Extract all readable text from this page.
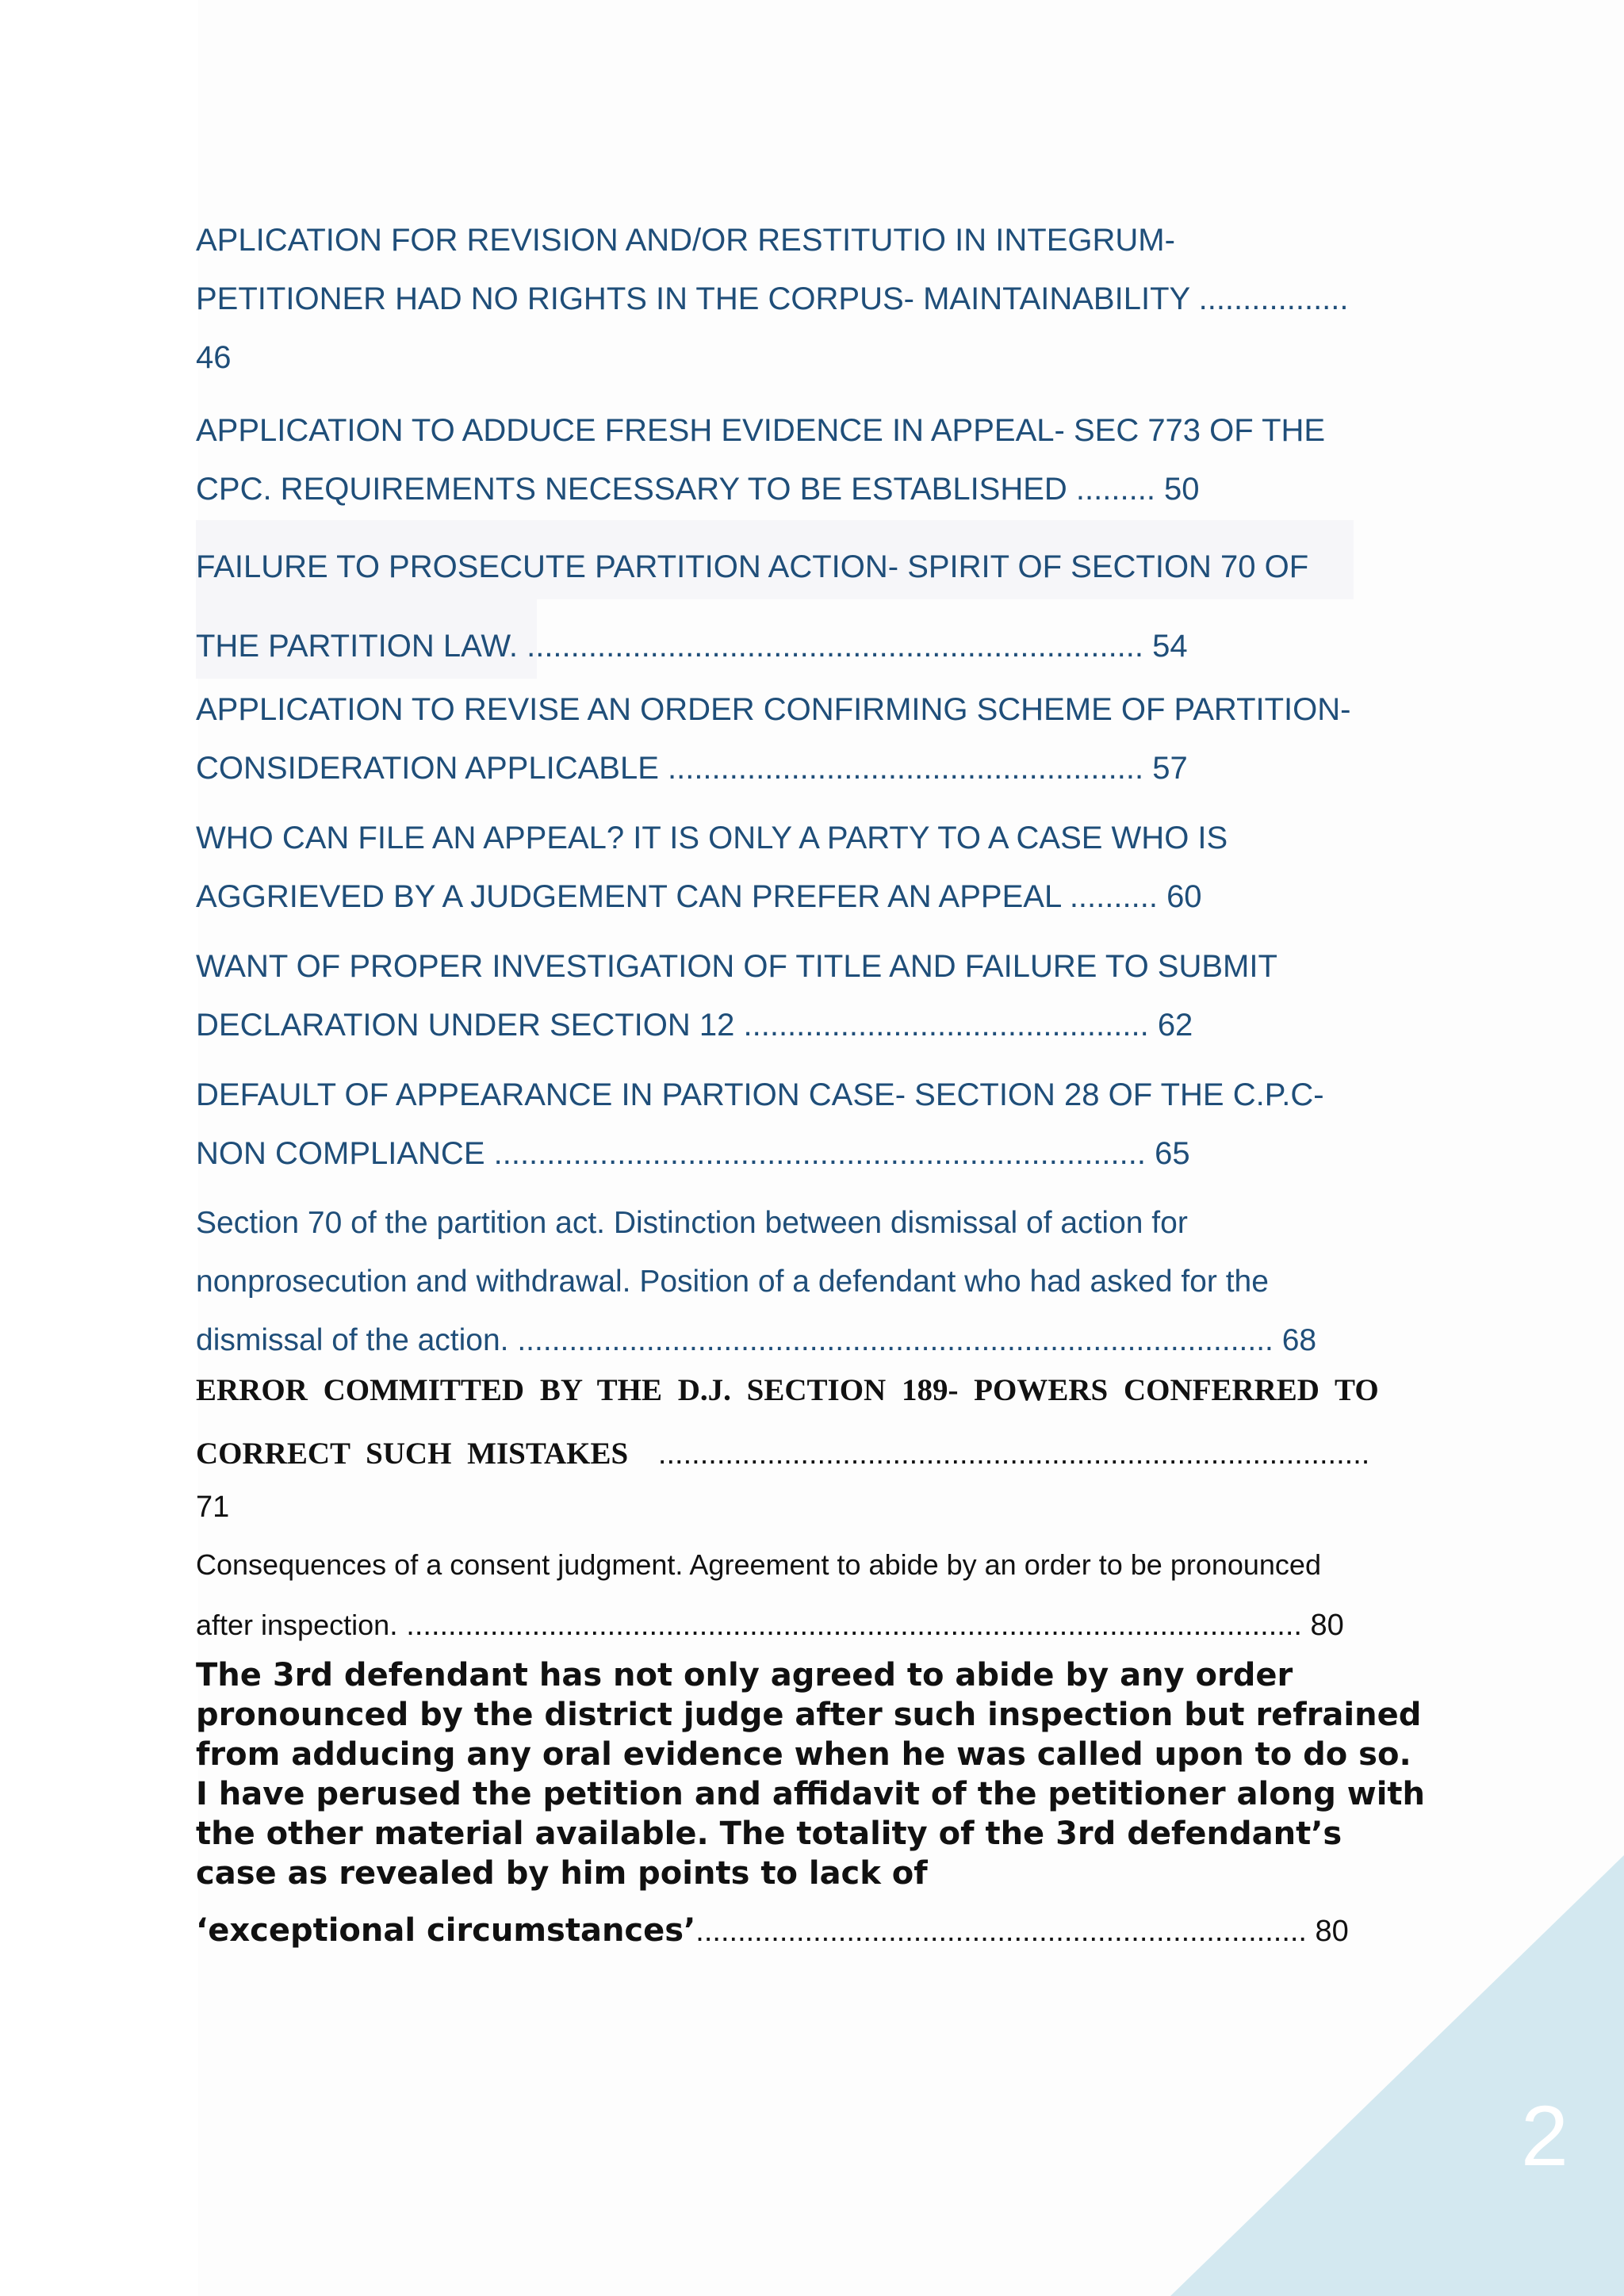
APLICATION FOR REVISION AND/OR RESTITUTIO IN INTEGRUM-
PETITIONER HAD NO RIGHTS IN THE CORPUS- MAINTAINABILITY .................
46
APPLICATION TO ADDUCE FRESH EVIDENCE IN APPEAL- SEC 773 OF THE
CPC. REQUIREMENTS NECESSARY TO BE ESTABLISHED ......... 50
FAILURE TO PROSECUTE PARTITION ACTION- SPIRIT OF SECTION 70 OF
THE PARTITION LAW. ...................................................................... 54
APPLICATION TO REVISE AN ORDER CONFIRMING SCHEME OF PARTITION-
CONSIDERATION APPLICABLE ...................................................... 57
WHO CAN FILE AN APPEAL? IT IS ONLY A PARTY TO A CASE WHO IS
AGGRIEVED BY A JUDGEMENT CAN PREFER AN APPEAL .......... 60
WANT OF PROPER INVESTIGATION OF TITLE AND FAILURE TO SUBMIT
DECLARATION UNDER SECTION 12 .............................................. 62
DEFAULT OF APPEARANCE IN PARTION CASE- SECTION 28 OF THE C.P.C-
NON COMPLIANCE .......................................................................... 65
Section 70 of the partition act. Distinction between dismissal of action for
nonprosecution and withdrawal. Position of a defendant who had asked for the
dismissal of the action. ........................................................................................ 68
ERROR COMMITTED BY THE D.J. SECTION 189- POWERS CONFERRED TO
CORRECT SUCH MISTAKES .....................................................................................
71
Consequences of a consent judgment. Agreement to abide by an order to be pronounced
after inspection. ........................................................................................................... 80
The 3rd defendant has not only agreed to abide by any order pronounced by the district judge after such inspection but refrained from adducing any oral evidence when he was called upon to do so. I have perused the petition and affidavit of the petitioner along with the other material available. The totality of the 3rd defendant’s case as revealed by him points to lack of
‘exceptional circumstances’......................................................................... 80
2
